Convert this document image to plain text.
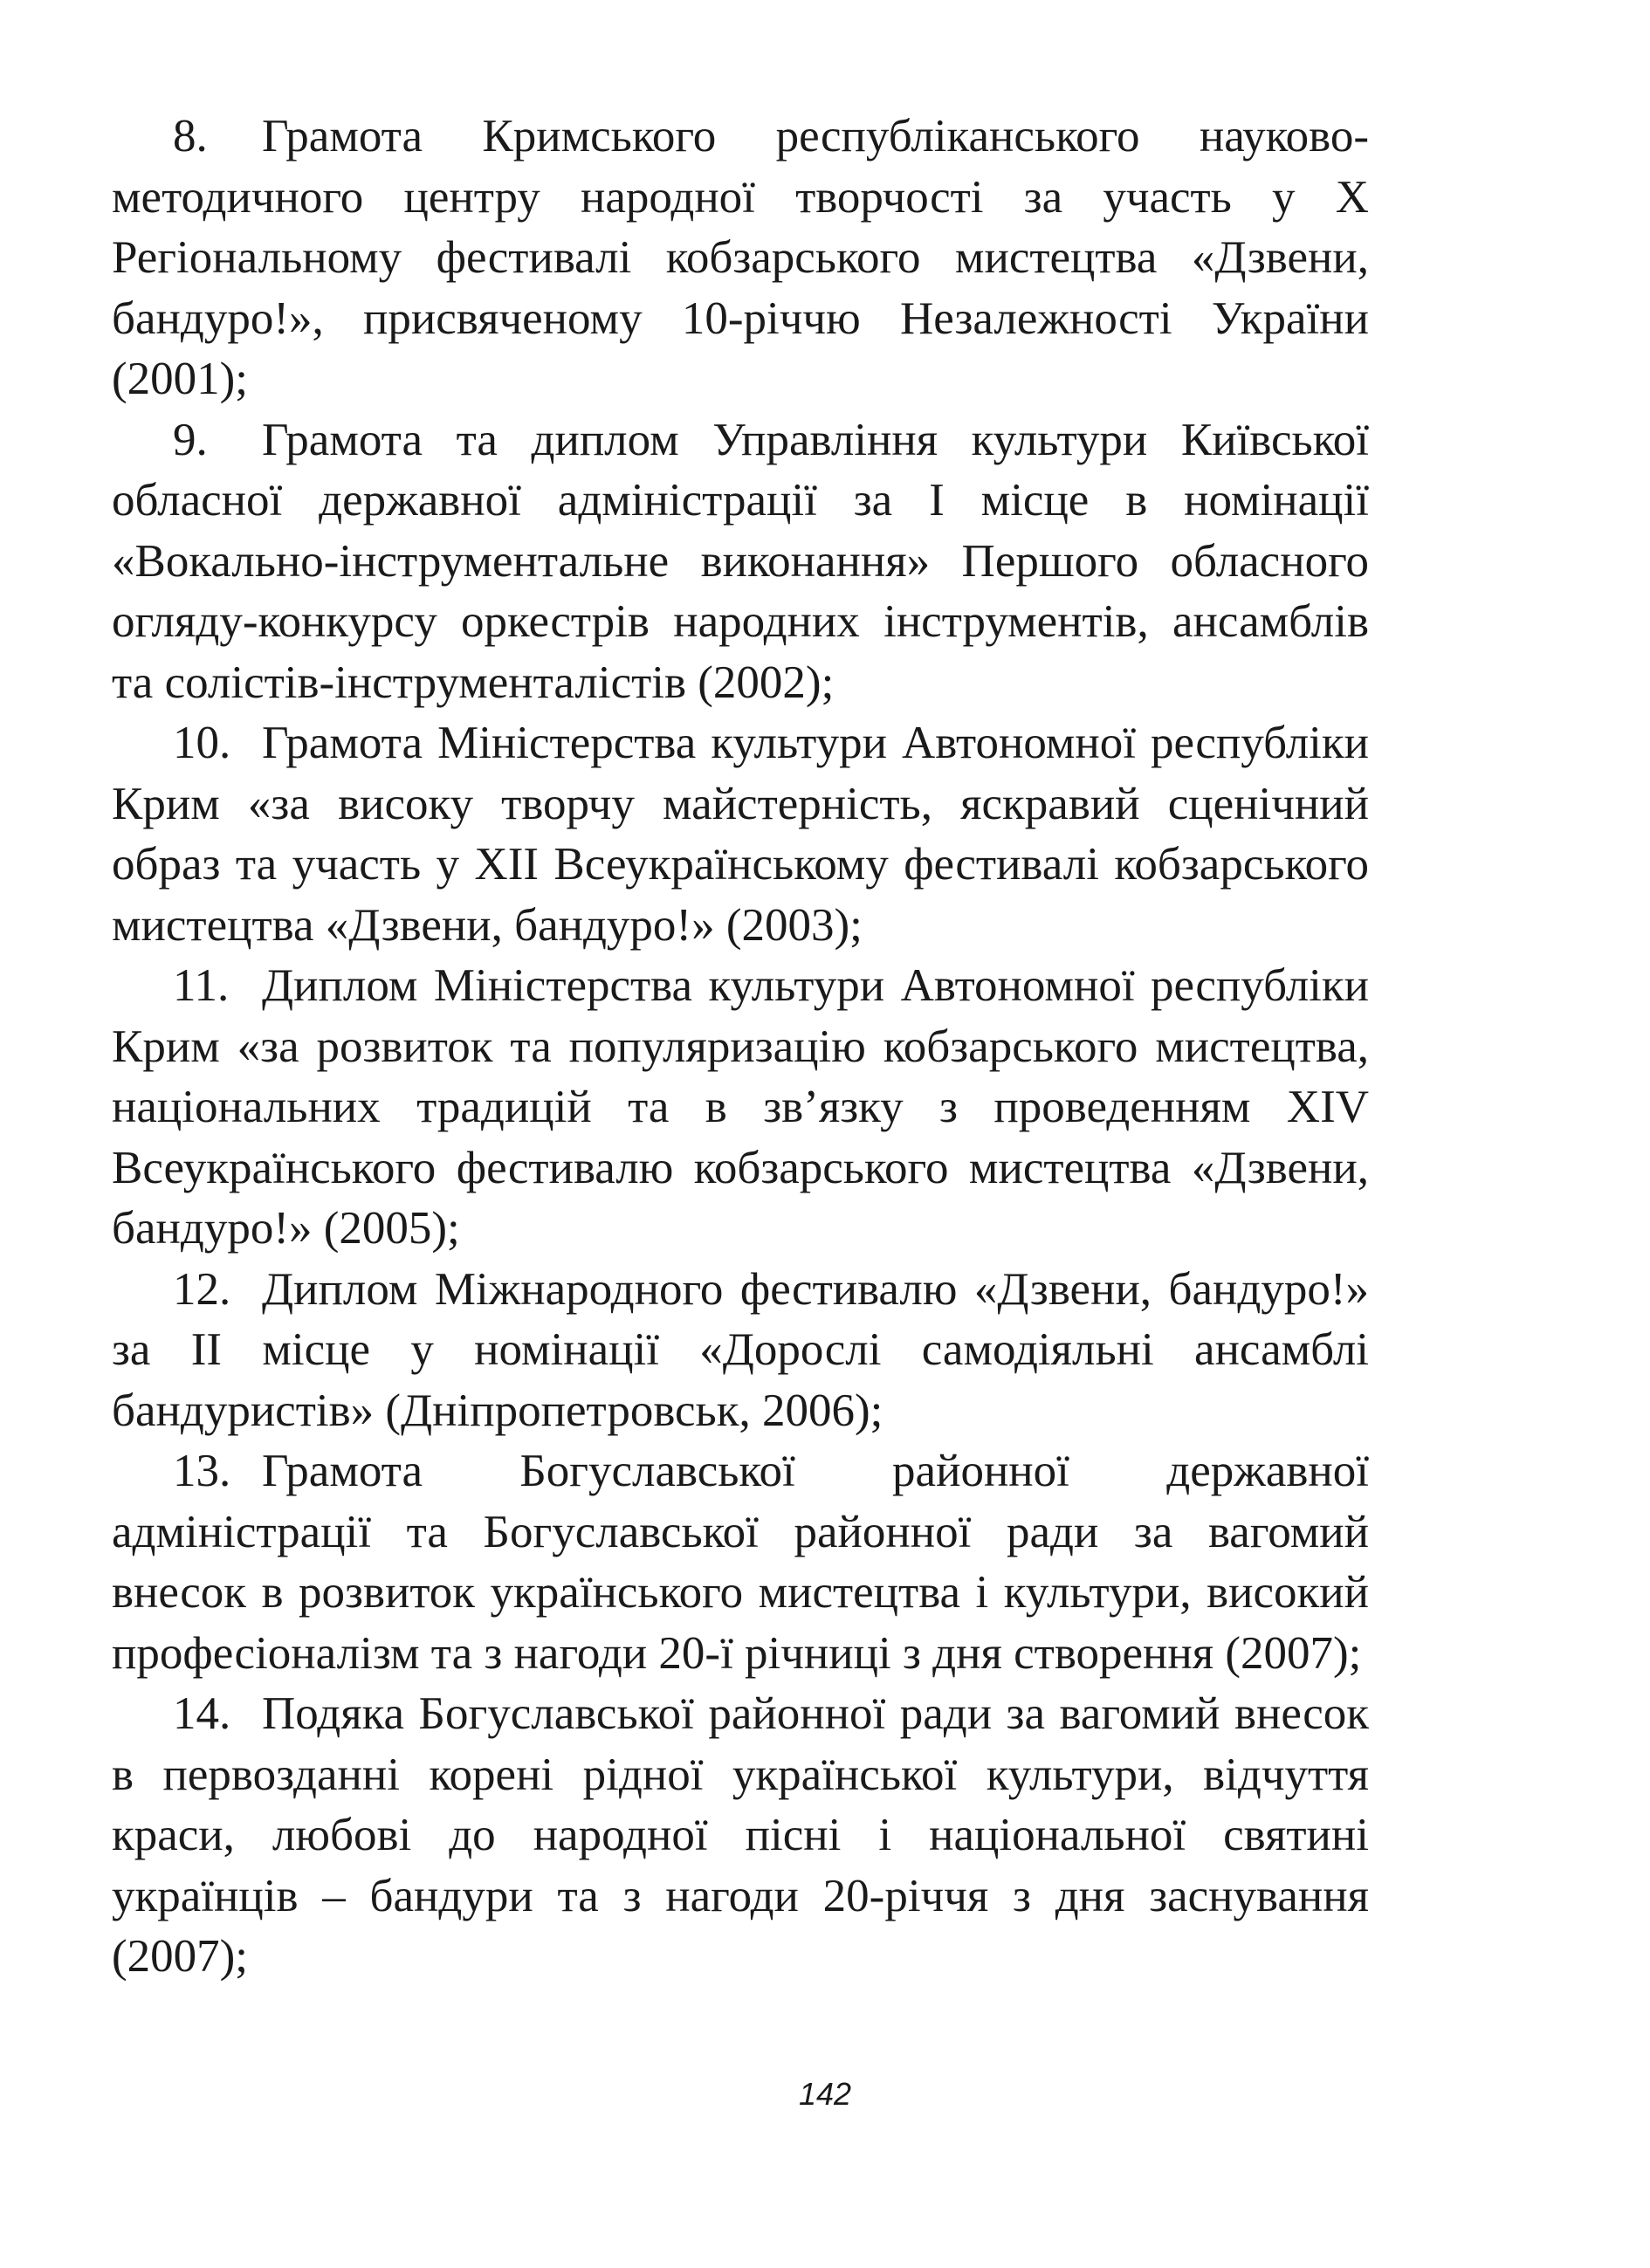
8. Грамота Кримського республіканського науково-методичного центру народної творчості за участь у X Регіональному фестивалі кобзарського мистецтва «Дзвени, бандуро!», присвяченому 10-річчю Незалежності України (2001);

9. Грамота та диплом Управління культури Київської обласної державної адміністрації за I місце в номінації «Вокально-інструментальне виконання» Першого обласного огляду-конкурсу оркестрів народних інструментів, ансамблів та солістів-інструменталістів (2002);

10. Грамота Міністерства культури Автономної республіки Крим «за високу творчу майстерність, яскравий сценічний образ та участь у XII Всеукраїнському фестивалі кобзарського мистецтва «Дзвени, бандуро!» (2003);

11. Диплом Міністерства культури Автономної республіки Крим «за розвиток та популяризацію кобзарського мистецтва, національних традицій та в зв’язку з проведенням XIV Всеукраїнського фестивалю кобзарського мистецтва «Дзвени, бандуро!» (2005);

12. Диплом Міжнародного фестивалю «Дзвени, бандуро!» за II місце у номінації «Дорослі самодіяльні ансамблі бандуристів» (Дніпропетровськ, 2006);

13. Грамота Богуславської районної державної адміністрації та Богуславської районної ради за вагомий внесок в розвиток українського мистецтва і культури, високий професіоналізм та з нагоди 20-ї річниці з дня створення (2007);

14. Подяка Богуславської районної ради за вагомий внесок в первозданні корені рідної української культури, відчуття краси, любові до народної пісні і національної святині українців – бандури та з нагоди 20-річчя з дня заснування (2007);

142
